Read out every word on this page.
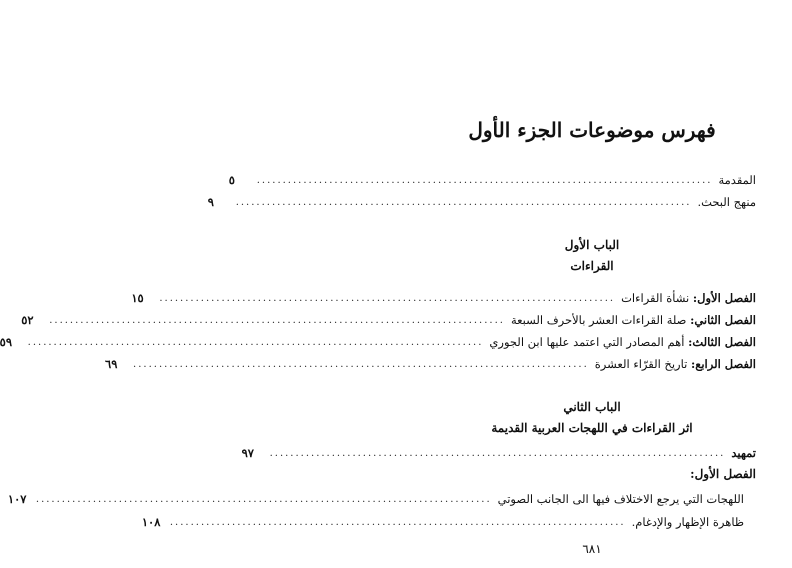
فهرس موضوعات الجزء الأول
المقدمة
........................................................................................
٥
منهج البحث.
........................................................................................
٩
الباب الأول
القراءات
الفصل الأول: نشأة القراءات
........................................................................................
١٥
الفصل الثاني: صلة القراءات العشر بالأحرف السبعة
........................................................................................
٥٢
الفصل الثالث: أهم المصادر التي اعتمد عليها ابن الجوري
........................................................................................
٥٩
الفصل الرابع: تاريخ القرّاء العشرة
........................................................................................
٦٩
الباب الثاني
اثر القراءات في اللهجات العربية القديمة
تمهيد
........................................................................................
٩٧
الفصل الأول:
اللهجات التي يرجع الاختلاف فيها الى الجانب الصوتي
........................................................................................
١٠٧
ظاهرة الإظهار والإدغام.
........................................................................................
١٠٨
٦٨١
